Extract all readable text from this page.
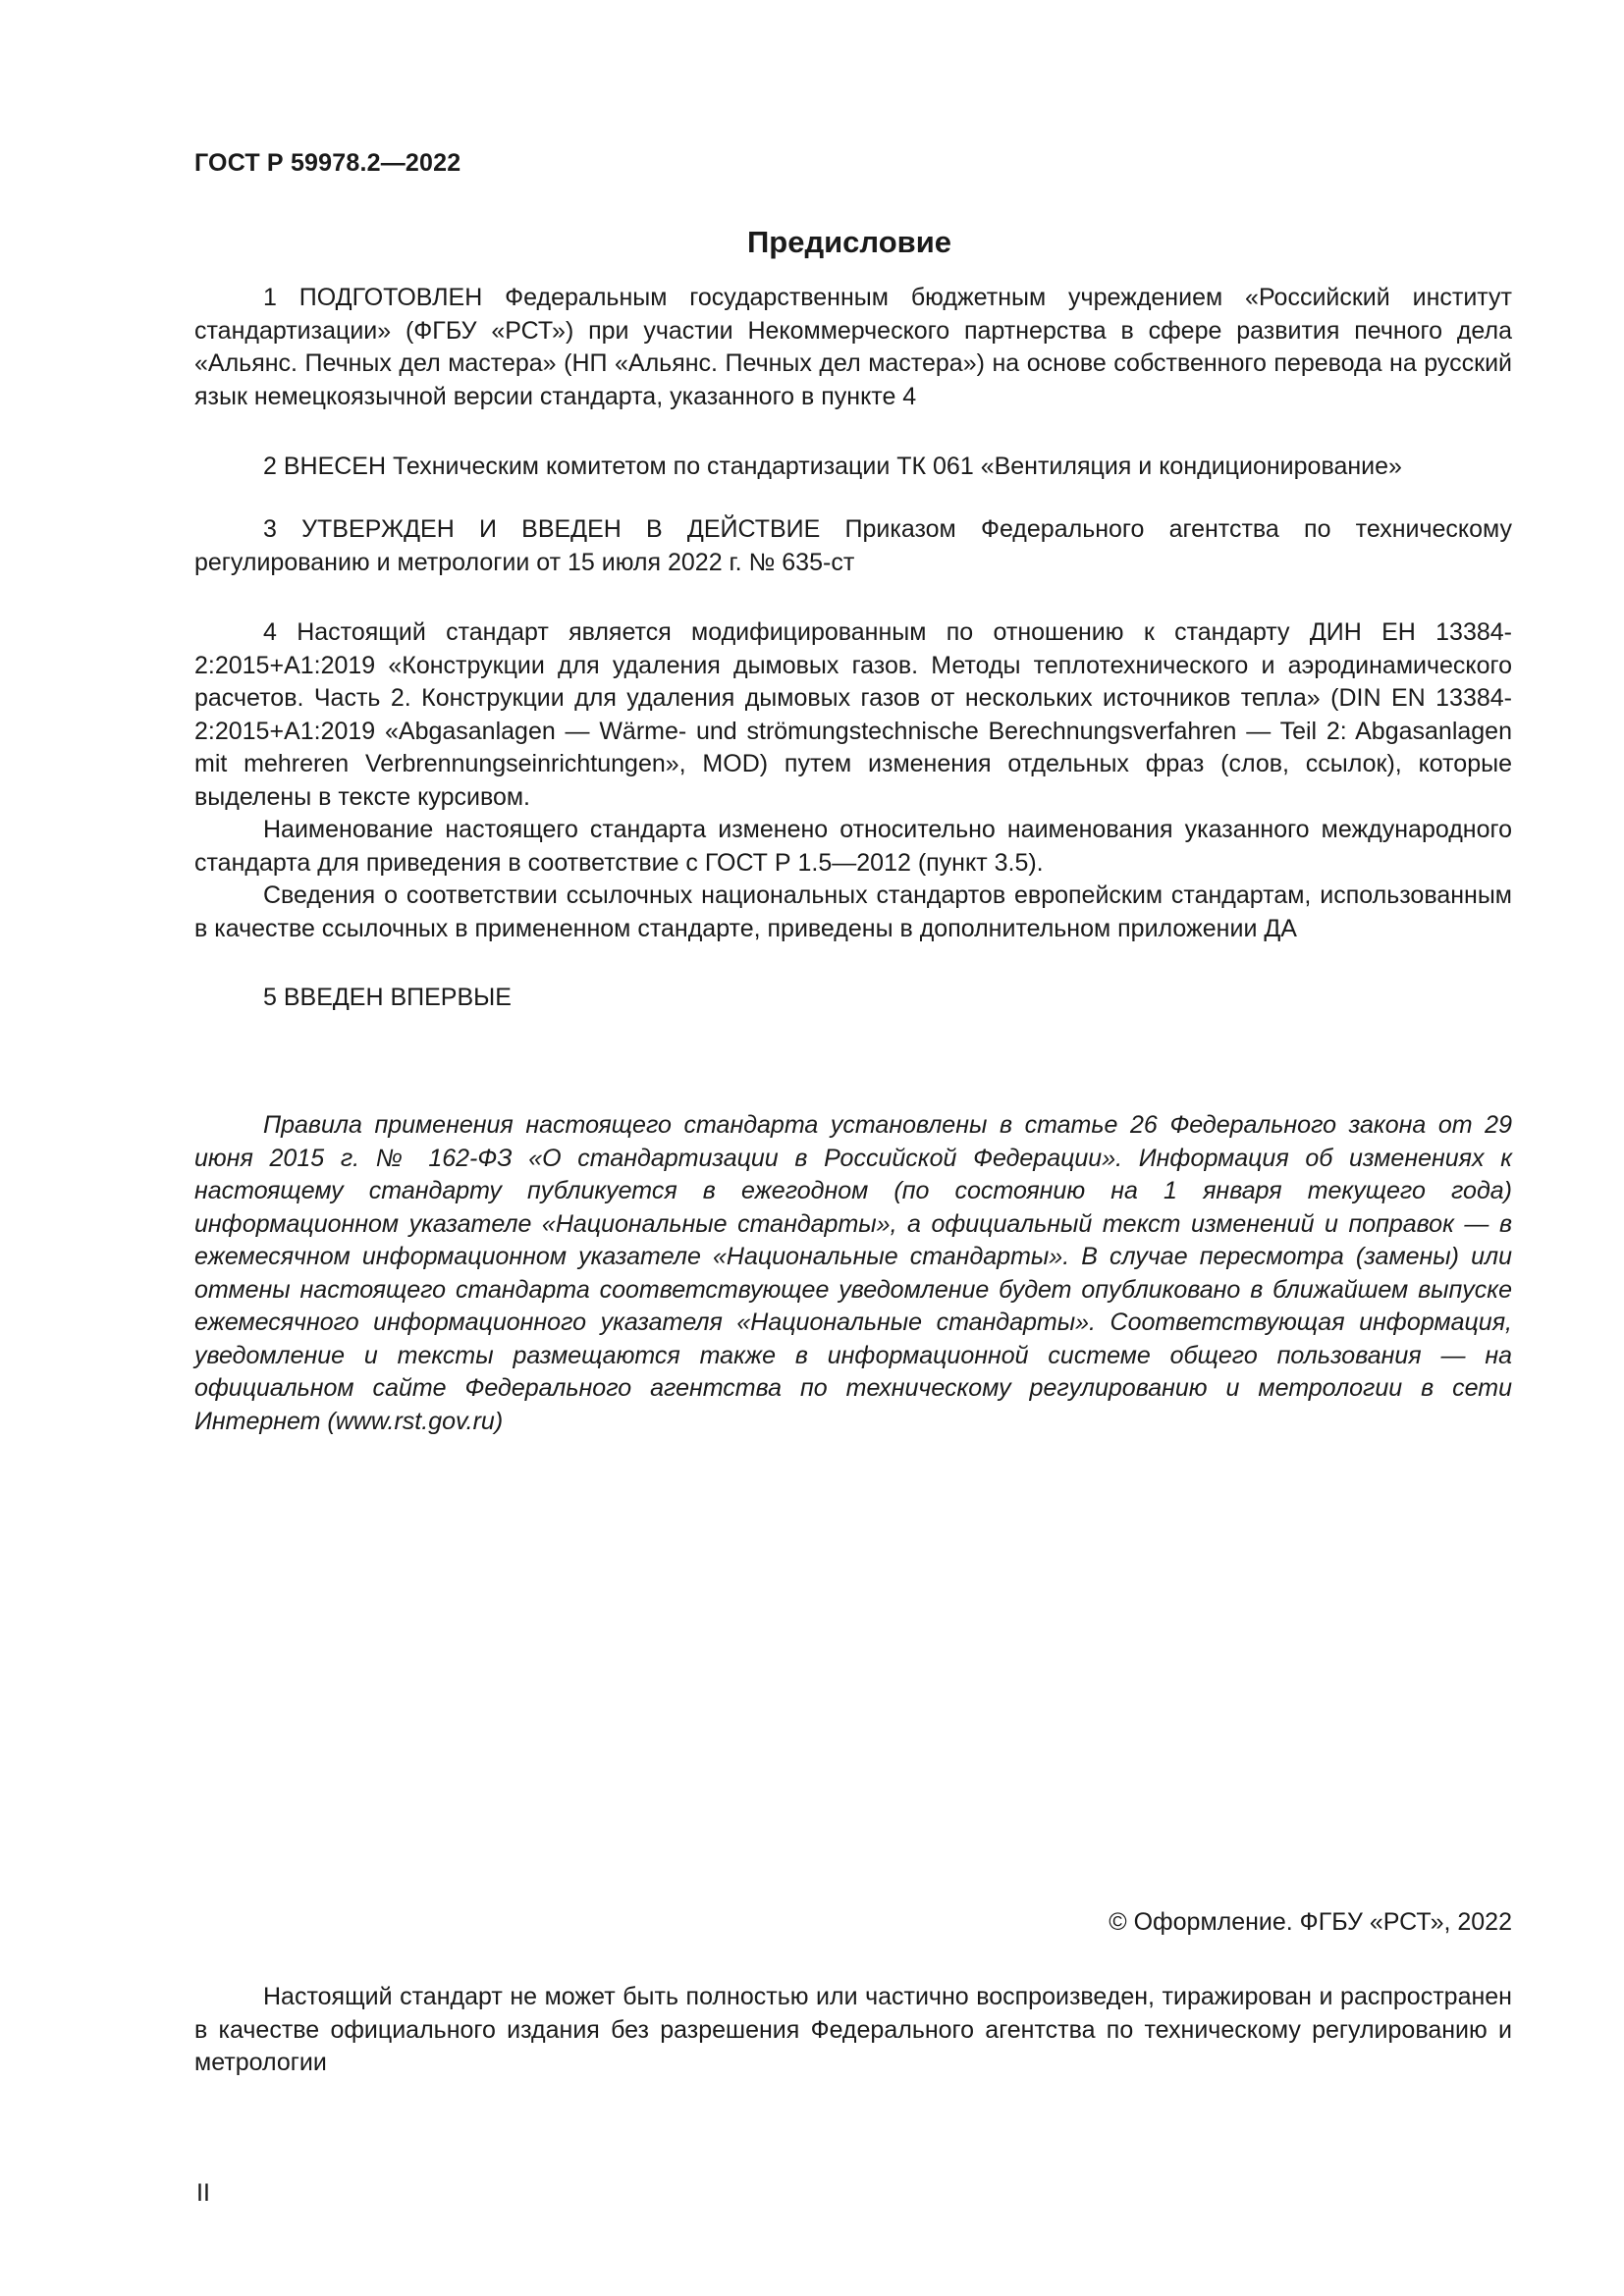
ГОСТ Р 59978.2—2022
Предисловие

1 ПОДГОТОВЛЕН Федеральным государственным бюджетным учреждением «Российский институт стандартизации» (ФГБУ «РСТ») при участии Некоммерческого партнерства в сфере развития печного дела «Альянс. Печных дел мастера» (НП «Альянс. Печных дел мастера») на основе собственного перевода на русский язык немецкоязычной версии стандарта, указанного в пункте 4

2 ВНЕСЕН Техническим комитетом по стандартизации ТК 061 «Вентиляция и кондиционирование»

3 УТВЕРЖДЕН И ВВЕДЕН В ДЕЙСТВИЕ Приказом Федерального агентства по техническому регулированию и метрологии от 15 июля 2022 г. № 635-ст

4 Настоящий стандарт является модифицированным по отношению к стандарту ДИН ЕН 13384-2:2015+А1:2019 «Конструкции для удаления дымовых газов. Методы теплотехнического и аэродинамического расчетов. Часть 2. Конструкции для удаления дымовых газов от нескольких источников тепла» (DIN EN 13384-2:2015+A1:2019 «Abgasanlagen — Wärme- und strömungstechnische Berechnungsverfahren — Teil 2: Abgasanlagen mit mehreren Verbrennungseinrichtungen», MOD) путем изменения отдельных фраз (слов, ссылок), которые выделены в тексте курсивом.

Наименование настоящего стандарта изменено относительно наименования указанного международного стандарта для приведения в соответствие с ГОСТ Р 1.5—2012 (пункт 3.5).

Сведения о соответствии ссылочных национальных стандартов европейским стандартам, использованным в качестве ссылочных в примененном стандарте, приведены в дополнительном приложении ДА

5 ВВЕДЕН ВПЕРВЫЕ

Правила применения настоящего стандарта установлены в статье 26 Федерального закона от 29 июня 2015 г. № 162-ФЗ «О стандартизации в Российской Федерации». Информация об изменениях к настоящему стандарту публикуется в ежегодном (по состоянию на 1 января текущего года) информационном указателе «Национальные стандарты», а официальный текст изменений и поправок — в ежемесячном информационном указателе «Национальные стандарты». В случае пересмотра (замены) или отмены настоящего стандарта соответствующее уведомление будет опубликовано в ближайшем выпуске ежемесячного информационного указателя «Национальные стандарты». Соответствующая информация, уведомление и тексты размещаются также в информационной системе общего пользования — на официальном сайте Федерального агентства по техническому регулированию и метрологии в сети Интернет (www.rst.gov.ru)

© Оформление. ФГБУ «РСТ», 2022

Настоящий стандарт не может быть полностью или частично воспроизведен, тиражирован и распространен в качестве официального издания без разрешения Федерального агентства по техническому регулированию и метрологии

II
